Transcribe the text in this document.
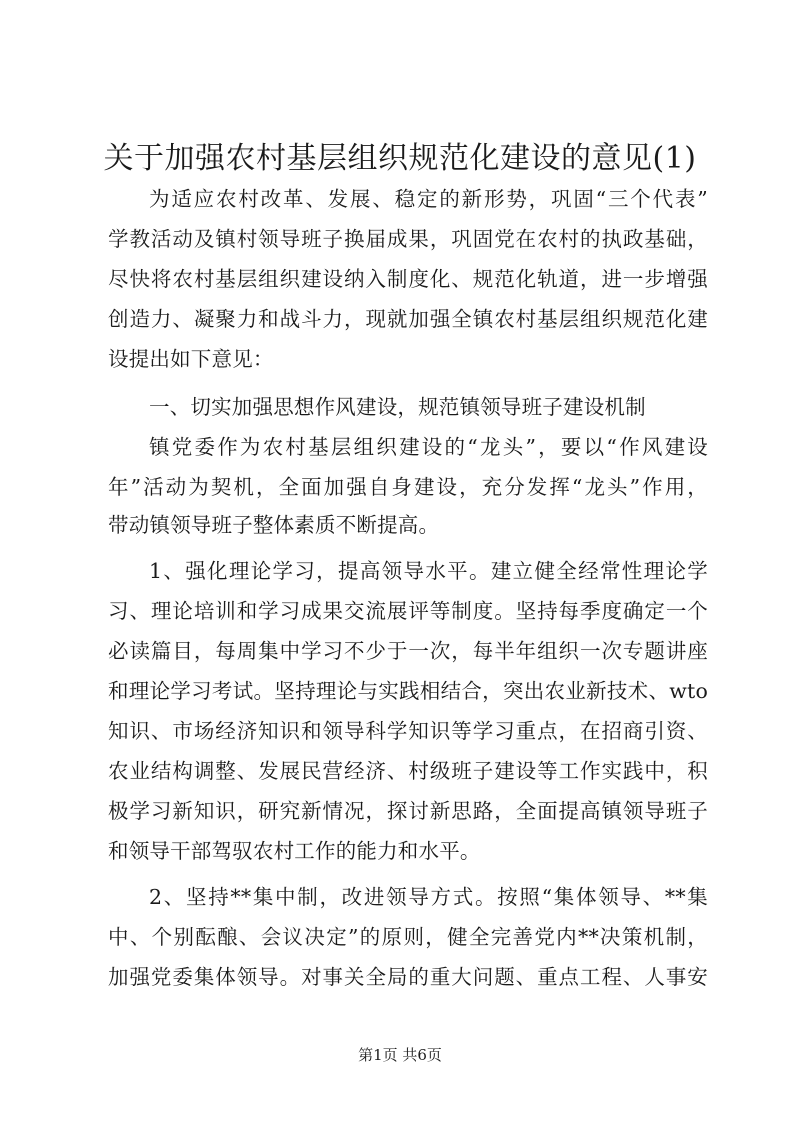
关于加强农村基层组织规范化建设的意见(1)
为适应农村改革、发展、稳定的新形势，巩固“三个代表”
学教活动及镇村领导班子换届成果，巩固党在农村的执政基础，
尽快将农村基层组织建设纳入制度化、规范化轨道，进一步增强
创造力、凝聚力和战斗力，现就加强全镇农村基层组织规范化建
设提出如下意见：
一、切实加强思想作风建设，规范镇领导班子建设机制
镇党委作为农村基层组织建设的“龙头”，要以“作风建设
年”活动为契机，全面加强自身建设，充分发挥“龙头”作用，
带动镇领导班子整体素质不断提高。
1、强化理论学习，提高领导水平。建立健全经常性理论学
习、理论培训和学习成果交流展评等制度。坚持每季度确定一个
必读篇目，每周集中学习不少于一次，每半年组织一次专题讲座
和理论学习考试。坚持理论与实践相结合，突出农业新技术、wto
知识、市场经济知识和领导科学知识等学习重点，在招商引资、
农业结构调整、发展民营经济、村级班子建设等工作实践中，积
极学习新知识，研究新情况，探讨新思路，全面提高镇领导班子
和领导干部驾驭农村工作的能力和水平。
2、坚持**集中制，改进领导方式。按照“集体领导、**集
中、个别酝酿、会议决定”的原则，健全完善党内**决策机制，
加强党委集体领导。对事关全局的重大问题、重点工程、人事安
第1页 共6页
